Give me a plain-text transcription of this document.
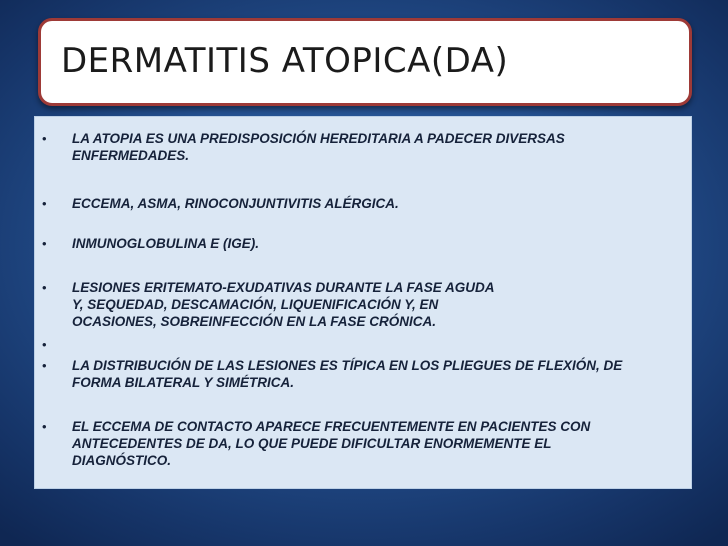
DERMATITIS ATOPICA(DA)
• LA ATOPIA ES UNA PREDISPOSICIÓN HEREDITARIA A PADECER DIVERSAS
ENFERMEDADES.
• ECCEMA, ASMA, RINOCONJUNTIVITIS ALÉRGICA.
• INMUNOGLOBULINA E (IGE).
• LESIONES ERITEMATO-EXUDATIVAS DURANTE LA FASE AGUDA
Y, SEQUEDAD, DESCAMACIÓN, LIQUENIFICACIÓN Y, EN
OCASIONES, SOBREINFECCIÓN EN LA FASE CRÓNICA.
•
• LA DISTRIBUCIÓN DE LAS LESIONES ES TÍPICA EN LOS PLIEGUES DE FLEXIÓN, DE
FORMA BILATERAL Y SIMÉTRICA.
• EL ECCEMA DE CONTACTO APARECE FRECUENTEMENTE EN PACIENTES CON
ANTECEDENTES DE DA, LO QUE PUEDE DIFICULTAR ENORMEMENTE EL
DIAGNÓSTICO.
